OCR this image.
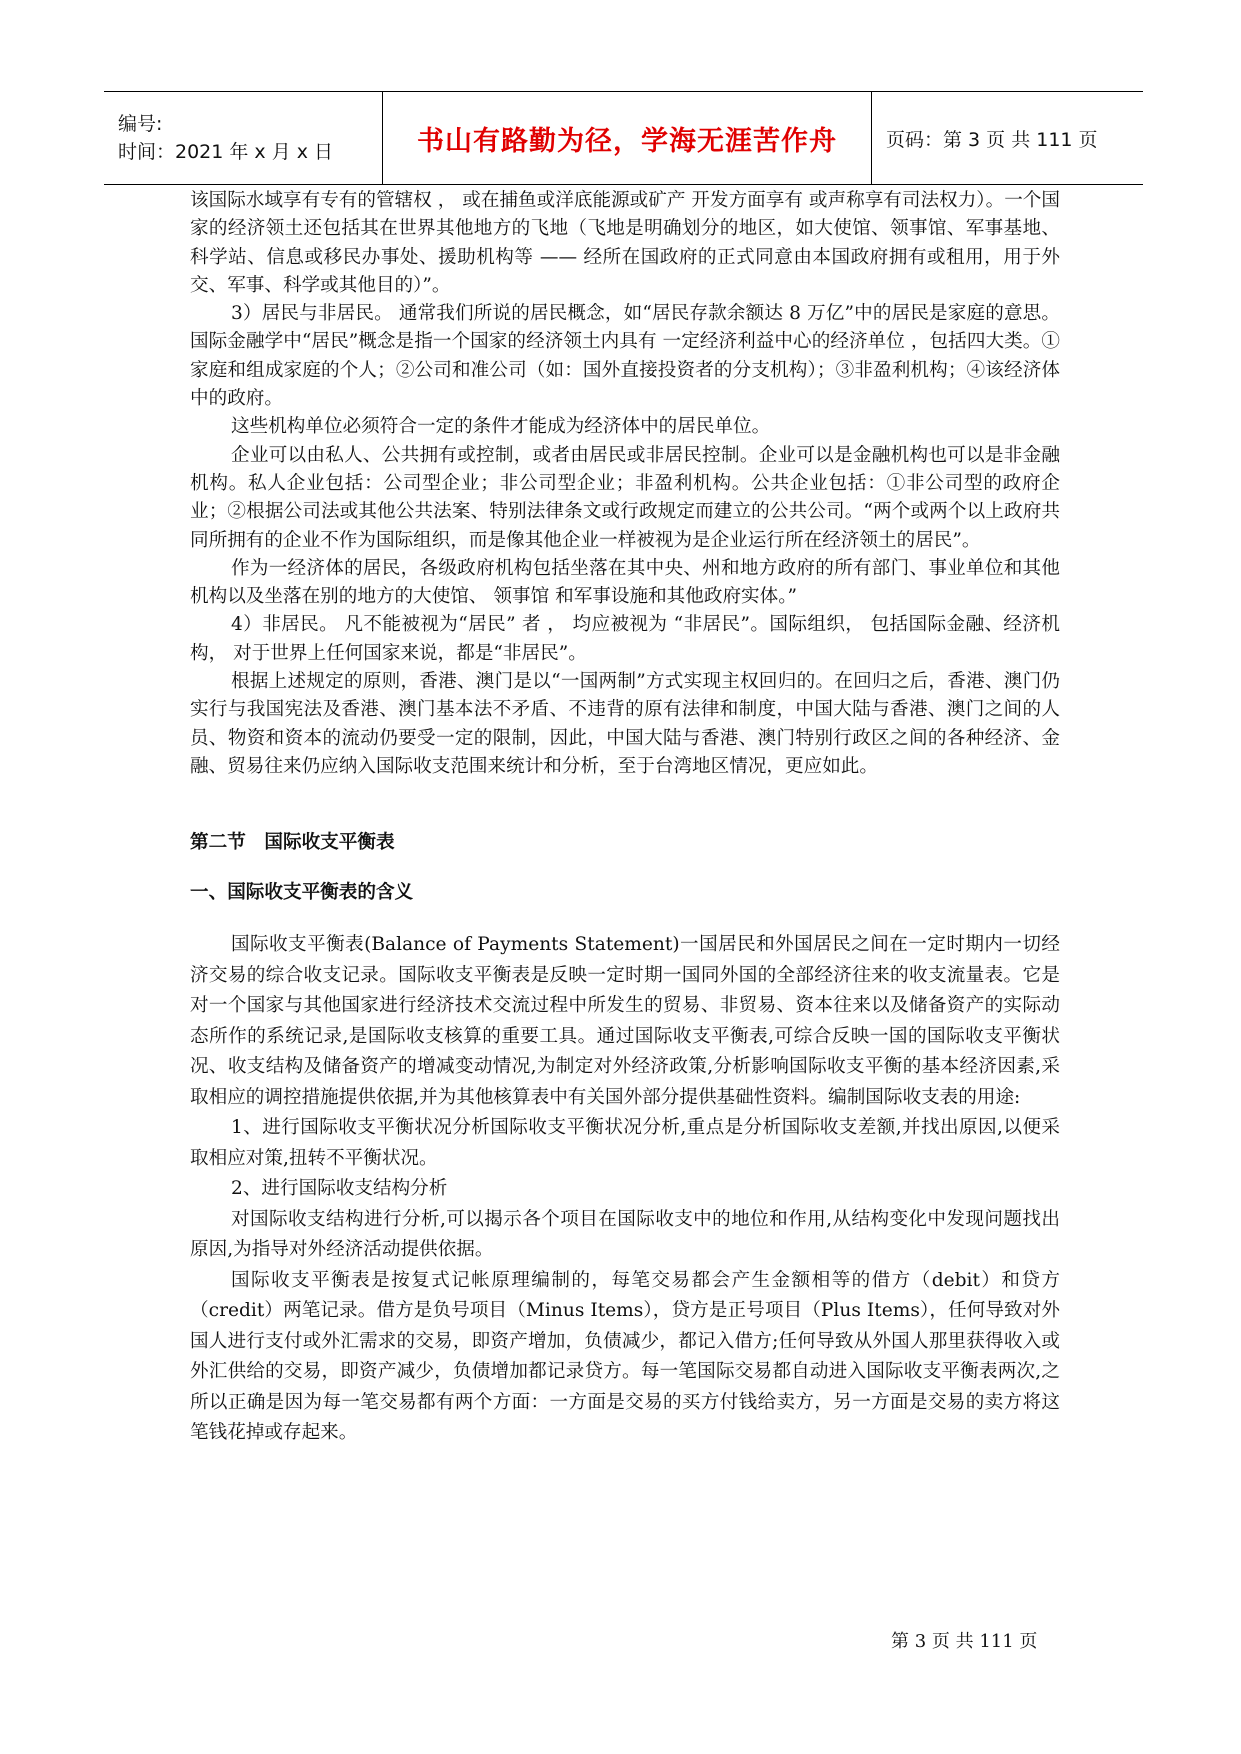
编号:
时间：2021 年 x 月 x 日	书山有路勤为径，学海无涯苦作舟	页码：第 3 页 共 111 页

该国际水域享有专有的管辖权 ， 或在捕鱼或洋底能源或矿产 开发方面享有 或声称享有司法权力）。一个国家的经济领土还包括其在世界其他地方的飞地（飞地是明确划分的地区，如大使馆、领事馆、军事基地、科学站、信息或移民办事处、援助机构等 —— 经所在国政府的正式同意由本国政府拥有或租用，用于外交、军事、科学或其他目的）”。

3）居民与非居民。 通常我们所说的居民概念，如“居民存款余额达 8 万亿”中的居民是家庭的意思。 国际金融学中“居民”概念是指一个国家的经济领土内具有 一定经济利益中心的经济单位 ，包括四大类。①家庭和组成家庭的个人；②公司和准公司（如：国外直接投资者的分支机构）；③非盈利机构；④该经济体中的政府。

这些机构单位必须符合一定的条件才能成为经济体中的居民单位。

企业可以由私人、公共拥有或控制，或者由居民或非居民控制。企业可以是金融机构也可以是非金融机构。私人企业包括：公司型企业；非公司型企业；非盈利机构。公共企业包括：①非公司型的政府企业；②根据公司法或其他公共法案、特别法律条文或行政规定而建立的公共公司。“两个或两个以上政府共同所拥有的企业不作为国际组织，而是像其他企业一样被视为是企业运行所在经济领土的居民”。

作为一经济体的居民，各级政府机构包括坐落在其中央、州和地方政府的所有部门、事业单位和其他机构以及坐落在别的地方的大使馆、 领事馆 和军事设施和其他政府实体。”

4）非居民。 凡不能被视为“居民” 者 ， 均应被视为 “非居民”。国际组织， 包括国际金融、经济机构， 对于世界上任何国家来说，都是“非居民”。

根据上述规定的原则，香港、澳门是以“一国两制”方式实现主权回归的。在回归之后，香港、澳门仍实行与我国宪法及香港、澳门基本法不矛盾、不违背的原有法律和制度，中国大陆与香港、澳门之间的人员、物资和资本的流动仍要受一定的限制，因此，中国大陆与香港、澳门特别行政区之间的各种经济、金融、贸易往来仍应纳入国际收支范围来统计和分析，至于台湾地区情况，更应如此。

第二节　国际收支平衡表

一、国际收支平衡表的含义

国际收支平衡表(Balance of Payments Statement)一国居民和外国居民之间在一定时期内一切经济交易的综合收支记录。国际收支平衡表是反映一定时期一国同外国的全部经济往来的收支流量表。它是对一个国家与其他国家进行经济技术交流过程中所发生的贸易、非贸易、资本往来以及储备资产的实际动态所作的系统记录,是国际收支核算的重要工具。通过国际收支平衡表,可综合反映一国的国际收支平衡状况、收支结构及储备资产的增减变动情况,为制定对外经济政策,分析影响国际收支平衡的基本经济因素,采取相应的调控措施提供依据,并为其他核算表中有关国外部分提供基础性资料。编制国际收支表的用途:

1、进行国际收支平衡状况分析国际收支平衡状况分析,重点是分析国际收支差额,并找出原因,以便采取相应对策,扭转不平衡状况。

2、进行国际收支结构分析

对国际收支结构进行分析,可以揭示各个项目在国际收支中的地位和作用,从结构变化中发现问题找出原因,为指导对外经济活动提供依据。

国际收支平衡表是按复式记帐原理编制的，每笔交易都会产生金额相等的借方（debit）和贷方（credit）两笔记录。借方是负号项目（Minus Items），贷方是正号项目（Plus Items），任何导致对外国人进行支付或外汇需求的交易，即资产增加，负债减少，都记入借方;任何导致从外国人那里获得收入或外汇供给的交易，即资产减少，负债增加都记录贷方。每一笔国际交易都自动进入国际收支平衡表两次,之所以正确是因为每一笔交易都有两个方面：一方面是交易的买方付钱给卖方，另一方面是交易的卖方将这笔钱花掉或存起来。

第 3 页 共 111 页
